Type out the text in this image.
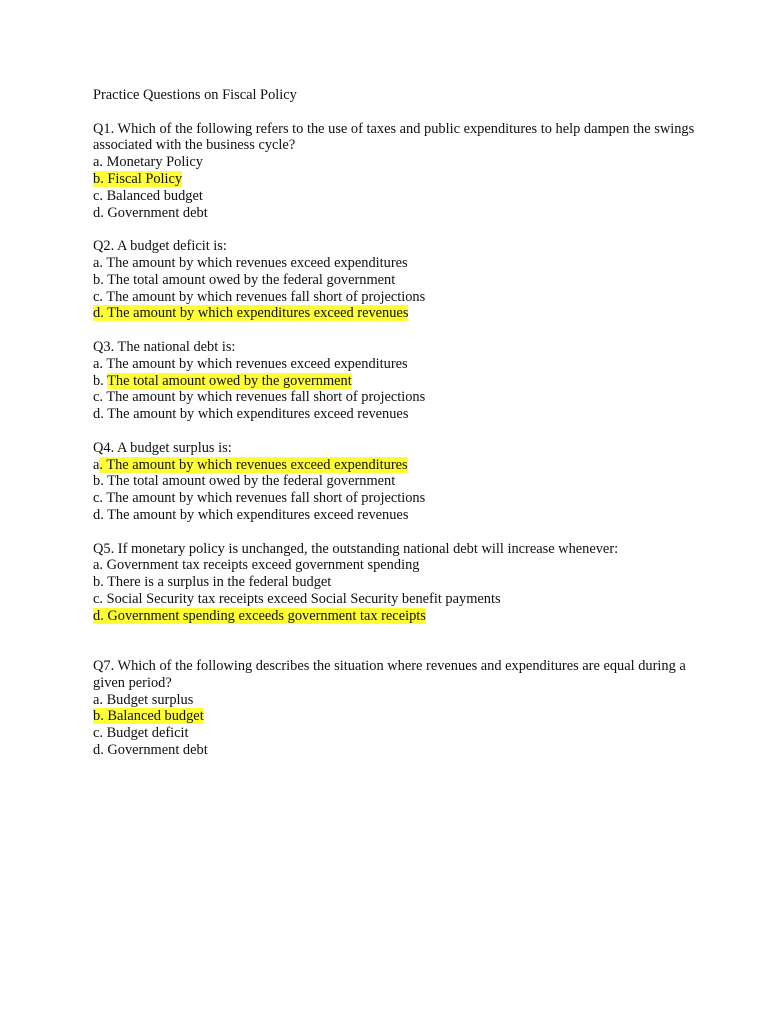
Practice Questions on Fiscal Policy
Q1. Which of the following refers to the use of taxes and public expenditures to help dampen the swings associated with the business cycle?
a. Monetary Policy
b. Fiscal Policy
c. Balanced budget
d. Government debt
Q2. A budget deficit is:
a. The amount by which revenues exceed expenditures
b. The total amount owed by the federal government
c. The amount by which revenues fall short of projections
d. The amount by which expenditures exceed revenues
Q3. The national debt is:
a. The amount by which revenues exceed expenditures
b. The total amount owed by the government
c. The amount by which revenues fall short of projections
d. The amount by which expenditures exceed revenues
Q4. A budget surplus is:
a. The amount by which revenues exceed expenditures
b. The total amount owed by the federal government
c. The amount by which revenues fall short of projections
d. The amount by which expenditures exceed revenues
Q5. If monetary policy is unchanged, the outstanding national debt will increase whenever:
a. Government tax receipts exceed government spending
b. There is a surplus in the federal budget
c. Social Security tax receipts exceed Social Security benefit payments
d. Government spending exceeds government tax receipts
Q7. Which of the following describes the situation where revenues and expenditures are equal during a given period?
a. Budget surplus
b. Balanced budget
c. Budget deficit
d. Government debt
